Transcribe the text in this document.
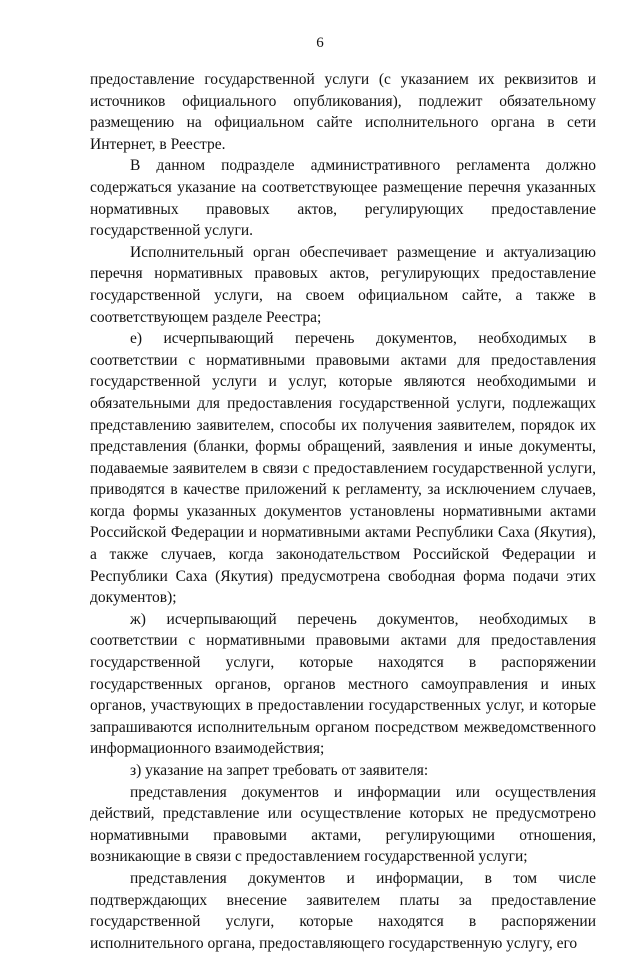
6

предоставление государственной услуги (с указанием их реквизитов и источников официального опубликования), подлежит обязательному размещению на официальном сайте исполнительного органа в сети Интернет, в Реестре.

В данном подразделе административного регламента должно содержаться указание на соответствующее размещение перечня указанных нормативных правовых актов, регулирующих предоставление государственной услуги.

Исполнительный орган обеспечивает размещение и актуализацию перечня нормативных правовых актов, регулирующих предоставление государственной услуги, на своем официальном сайте, а также в соответствующем разделе Реестра;

е) исчерпывающий перечень документов, необходимых в соответствии с нормативными правовыми актами для предоставления государственной услуги и услуг, которые являются необходимыми и обязательными для предоставления государственной услуги, подлежащих представлению заявителем, способы их получения заявителем, порядок их представления (бланки, формы обращений, заявления и иные документы, подаваемые заявителем в связи с предоставлением государственной услуги, приводятся в качестве приложений к регламенту, за исключением случаев, когда формы указанных документов установлены нормативными актами Российской Федерации и нормативными актами Республики Саха (Якутия), а также случаев, когда законодательством Российской Федерации и Республики Саха (Якутия) предусмотрена свободная форма подачи этих документов);

ж) исчерпывающий перечень документов, необходимых в соответствии с нормативными правовыми актами для предоставления государственной услуги, которые находятся в распоряжении государственных органов, органов местного самоуправления и иных органов, участвующих в предоставлении государственных услуг, и которые запрашиваются исполнительным органом посредством межведомственного информационного взаимодействия;

з) указание на запрет требовать от заявителя:

представления документов и информации или осуществления действий, представление или осуществление которых не предусмотрено нормативными правовыми актами, регулирующими отношения, возникающие в связи с предоставлением государственной услуги;

представления документов и информации, в том числе подтверждающих внесение заявителем платы за предоставление государственной услуги, которые находятся в распоряжении исполнительного органа, предоставляющего государственную услугу, его
